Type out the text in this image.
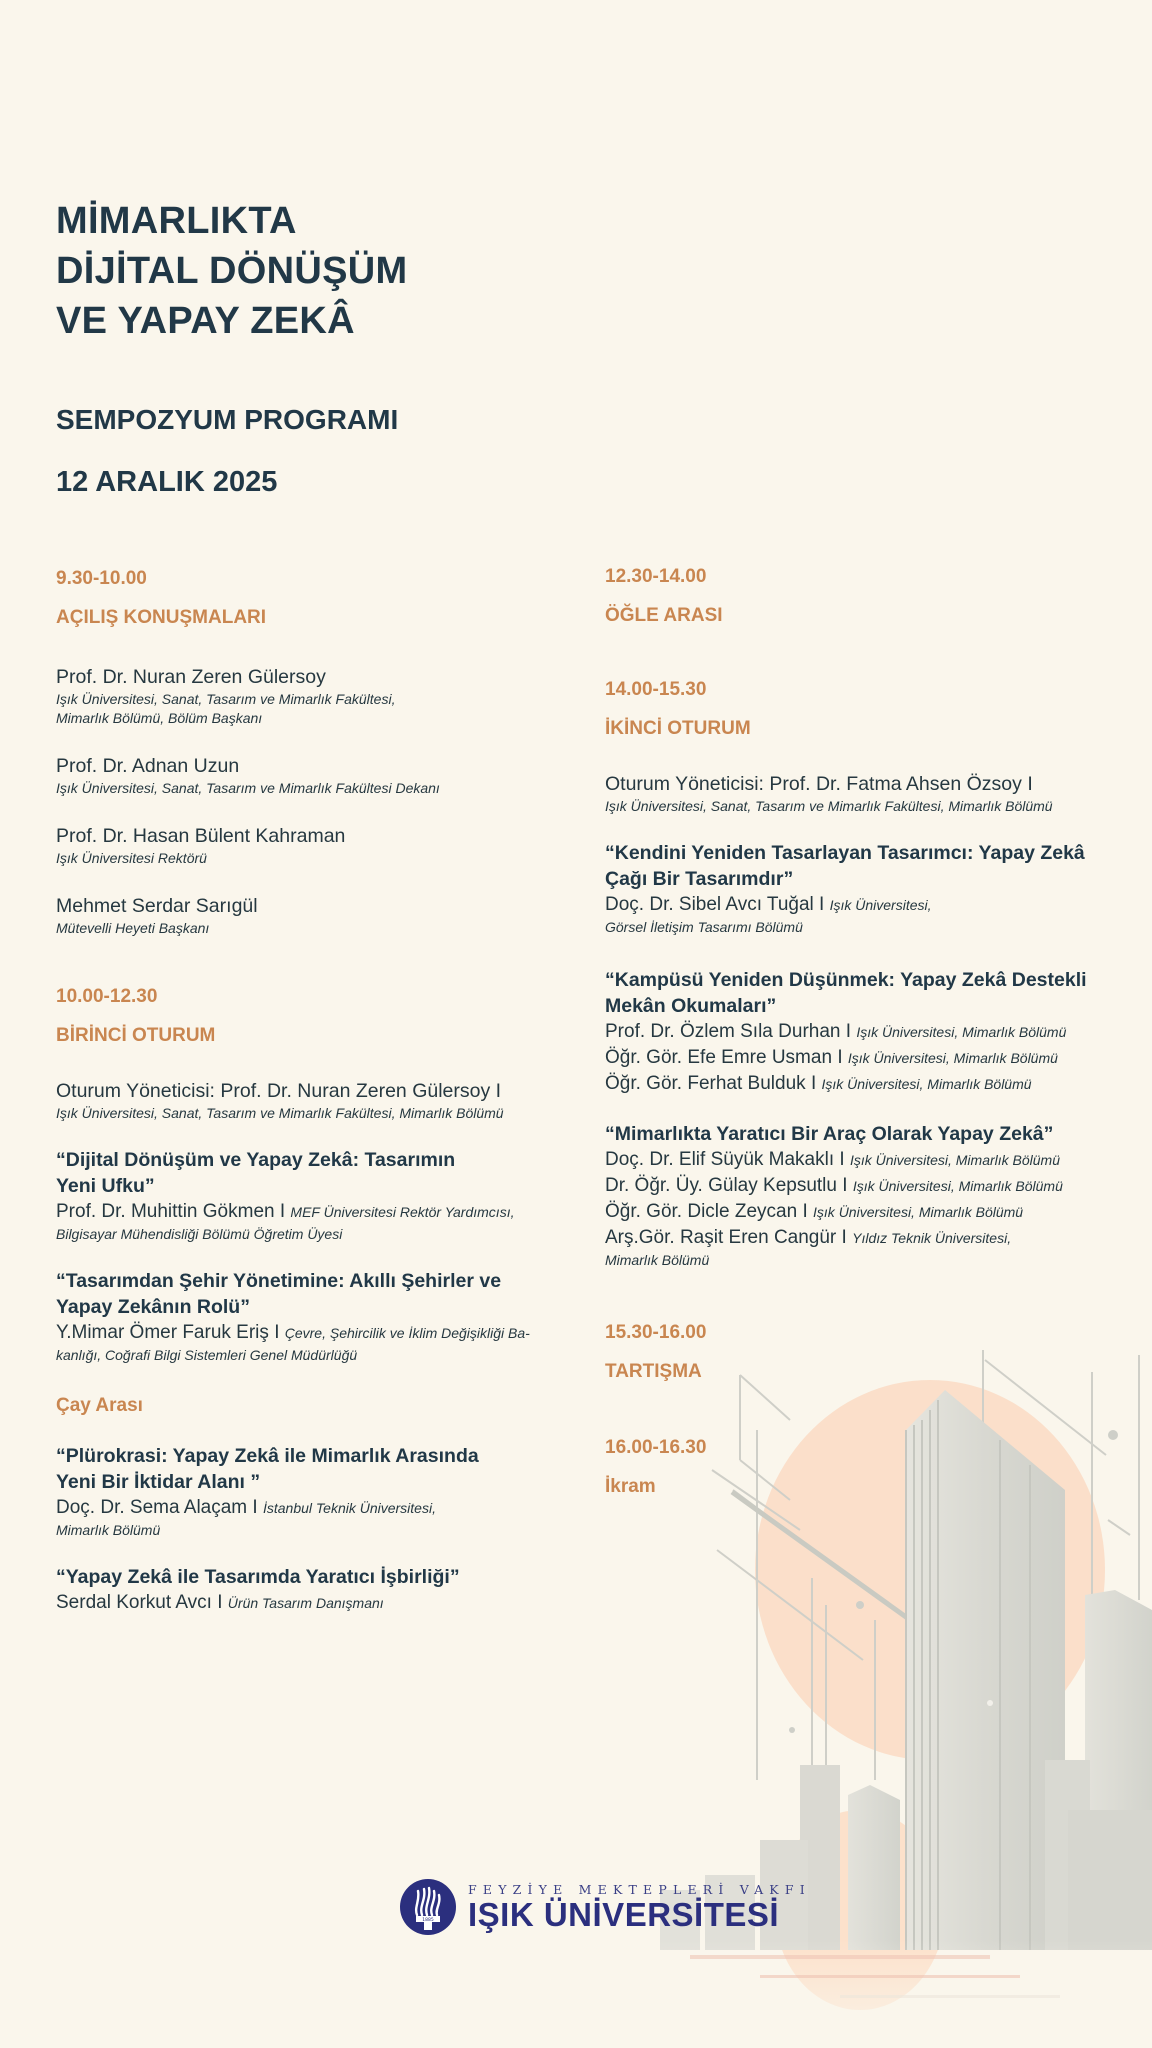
MİMARLIKTA
DİJİTAL DÖNÜŞÜM
VE YAPAY ZEKÂ
SEMPOZYUM PROGRAMI
12 ARALIK 2025
9.30-10.00
AÇILIŞ KONUŞMALARI
Prof. Dr. Nuran Zeren Gülersoy
Işık Üniversitesi, Sanat, Tasarım ve Mimarlık Fakültesi,
Mimarlık Bölümü, Bölüm Başkanı
Prof. Dr. Adnan Uzun
Işık Üniversitesi, Sanat, Tasarım ve Mimarlık Fakültesi Dekanı
Prof. Dr. Hasan Bülent Kahraman
Işık Üniversitesi Rektörü
Mehmet Serdar Sarıgül
Mütevelli Heyeti Başkanı
10.00-12.30
BİRİNCİ OTURUM
Oturum Yöneticisi: Prof. Dr. Nuran Zeren Gülersoy I
Işık Üniversitesi, Sanat, Tasarım ve Mimarlık Fakültesi, Mimarlık Bölümü
“Dijital Dönüşüm ve Yapay Zekâ: Tasarımın
Yeni Ufku”
Prof. Dr. Muhittin Gökmen I MEF Üniversitesi Rektör Yardımcısı,
Bilgisayar Mühendisliği Bölümü Öğretim Üyesi
“Tasarımdan Şehir Yönetimine: Akıllı Şehirler ve
Yapay Zekânın Rolü”
Y.Mimar Ömer Faruk Eriş I Çevre, Şehircilik ve İklim Değişikliği Ba-
kanlığı, Coğrafi Bilgi Sistemleri Genel Müdürlüğü
Çay Arası
“Plürokrasi: Yapay Zekâ ile Mimarlık Arasında
Yeni Bir İktidar Alanı ”
Doç. Dr. Sema Alaçam I İstanbul Teknik Üniversitesi,
Mimarlık Bölümü
“Yapay Zekâ ile Tasarımda Yaratıcı İşbirliği”
Serdal Korkut Avcı I Ürün Tasarım Danışmanı
12.30-14.00
ÖĞLE ARASI
14.00-15.30
İKİNCİ OTURUM
Oturum Yöneticisi: Prof. Dr. Fatma Ahsen Özsoy I
Işık Üniversitesi, Sanat, Tasarım ve Mimarlık Fakültesi, Mimarlık Bölümü
“Kendini Yeniden Tasarlayan Tasarımcı: Yapay Zekâ
Çağı Bir Tasarımdır”
Doç. Dr. Sibel Avcı Tuğal I Işık Üniversitesi,
Görsel İletişim Tasarımı Bölümü
“Kampüsü Yeniden Düşünmek: Yapay Zekâ Destekli
Mekân Okumaları”
Prof. Dr. Özlem Sıla Durhan I Işık Üniversitesi, Mimarlık Bölümü
Öğr. Gör. Efe Emre Usman I Işık Üniversitesi, Mimarlık Bölümü
Öğr. Gör. Ferhat Bulduk I Işık Üniversitesi, Mimarlık Bölümü
“Mimarlıkta Yaratıcı Bir Araç Olarak Yapay Zekâ”
Doç. Dr. Elif Süyük Makaklı I Işık Üniversitesi, Mimarlık Bölümü
Dr. Öğr. Üy. Gülay Kepsutlu I Işık Üniversitesi, Mimarlık Bölümü
Öğr. Gör. Dicle Zeycan I Işık Üniversitesi, Mimarlık Bölümü
Arş.Gör. Raşit Eren Cangür I Yıldız Teknik Üniversitesi,
Mimarlık Bölümü
15.30-16.00
TARTIŞMA
16.00-16.30
İkram
1885
FEYZİYE MEKTEPLERİ VAKFI
IŞIK ÜNİVERSİTESİ
